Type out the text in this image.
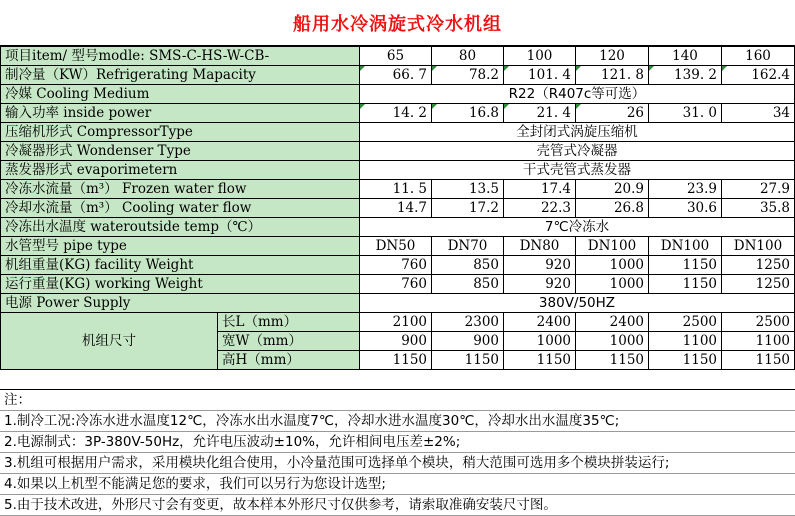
船用水冷涡旋式冷水机组
项目item/ 型号modle: SMS-C-HS-W-CB-		65	80	100	120	140	160
制冷量（KW）Refrigerating Mapacity		66. 7	78.2	101. 4	121. 8	139. 2	162.4
冷媒 Cooling Medium		R22（R407c等可选）					
输入功率 inside power		14. 2	16.8	21. 4	26	31. 0	34
压缩机形式 CompressorType		全封闭式涡旋压缩机					
冷凝器形式 Wondenser Type		壳管式冷凝器					
蒸发器形式 evaporimetern		干式壳管式蒸发器					
冷冻水流量（m³） Frozen water flow		11. 5	13.5	17.4	20.9	23.9	27.9
冷却水流量（m³） Cooling water flow		14.7	17.2	22.3	26.8	30.6	35.8
冷冻出水温度 wateroutside temp（℃）		7℃冷冻水					
水管型号 pipe type		DN50	DN70	DN80	DN100	DN100	DN100
机组重量(KG) facility Weight		760	850	920	1000	1150	1250
运行重量(KG) working Weight		760	850	920	1000	1150	1250
电源 Power Supply		380V/50HZ					
机组尺寸	长L（mm）	2100	2300	2400	2400	2500	2500
	宽W（mm）	900	900	1000	1000	1100	1100
	高H（mm）	1150	1150	1150	1150	1150	1150
注：
1.制冷工况:冷冻水进水温度12℃，冷冻水出水温度7℃，冷却水进水温度30℃，冷却水出水温度35℃;
2.电源制式：3P-380V-50Hz，允许电压波动±10%，允许相间电压差±2%;
3.机组可根据用户需求，采用模块化组合使用，小冷量范围可选择单个模块，稍大范围可选用多个模块拼装运行;
4.如果以上机型不能满足您的要求，我们可以另行为您设计选型;
5.由于技术改进，外形尺寸会有变更，故本样本外形尺寸仅供参考，请索取准确安装尺寸图。
